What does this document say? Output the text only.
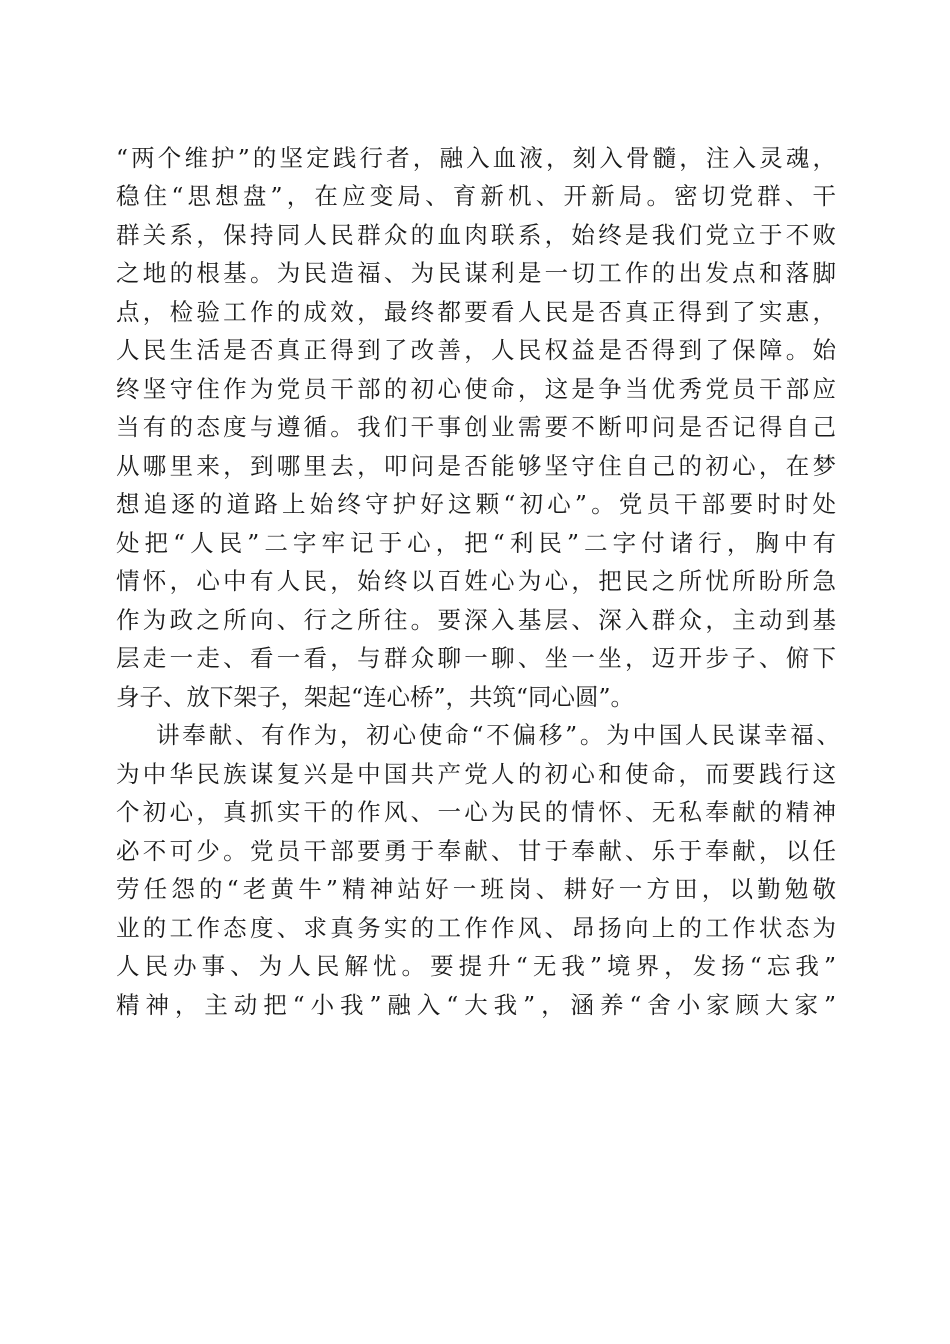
“两个维护”的坚定践行者，融入血液，刻入骨髓，注入灵魂，
稳住“思想盘”，在应变局、育新机、开新局。密切党群、干
群关系，保持同人民群众的血肉联系，始终是我们党立于不败
之地的根基。为民造福、为民谋利是一切工作的出发点和落脚
点，检验工作的成效，最终都要看人民是否真正得到了实惠，
人民生活是否真正得到了改善，人民权益是否得到了保障。始
终坚守住作为党员干部的初心使命，这是争当优秀党员干部应
当有的态度与遵循。我们干事创业需要不断叩问是否记得自己
从哪里来，到哪里去，叩问是否能够坚守住自己的初心，在梦
想追逐的道路上始终守护好这颗“初心”。党员干部要时时处
处把“人民”二字牢记于心，把“利民”二字付诸行，胸中有
情怀，心中有人民，始终以百姓心为心，把民之所忧所盼所急
作为政之所向、行之所往。要深入基层、深入群众，主动到基
层走一走、看一看，与群众聊一聊、坐一坐，迈开步子、俯下
身子、放下架子，架起“连心桥”，共筑“同心圆”。
讲奉献、有作为，初心使命“不偏移”。为中国人民谋幸福、
为中华民族谋复兴是中国共产党人的初心和使命，而要践行这
个初心，真抓实干的作风、一心为民的情怀、无私奉献的精神
必不可少。党员干部要勇于奉献、甘于奉献、乐于奉献，以任
劳任怨的“老黄牛”精神站好一班岗、耕好一方田，以勤勉敬
业的工作态度、求真务实的工作作风、昂扬向上的工作状态为
人民办事、为人民解忧。要提升“无我”境界，发扬“忘我”
精神，主动把“小我”融入“大我”，涵养“舍小家顾大家”
